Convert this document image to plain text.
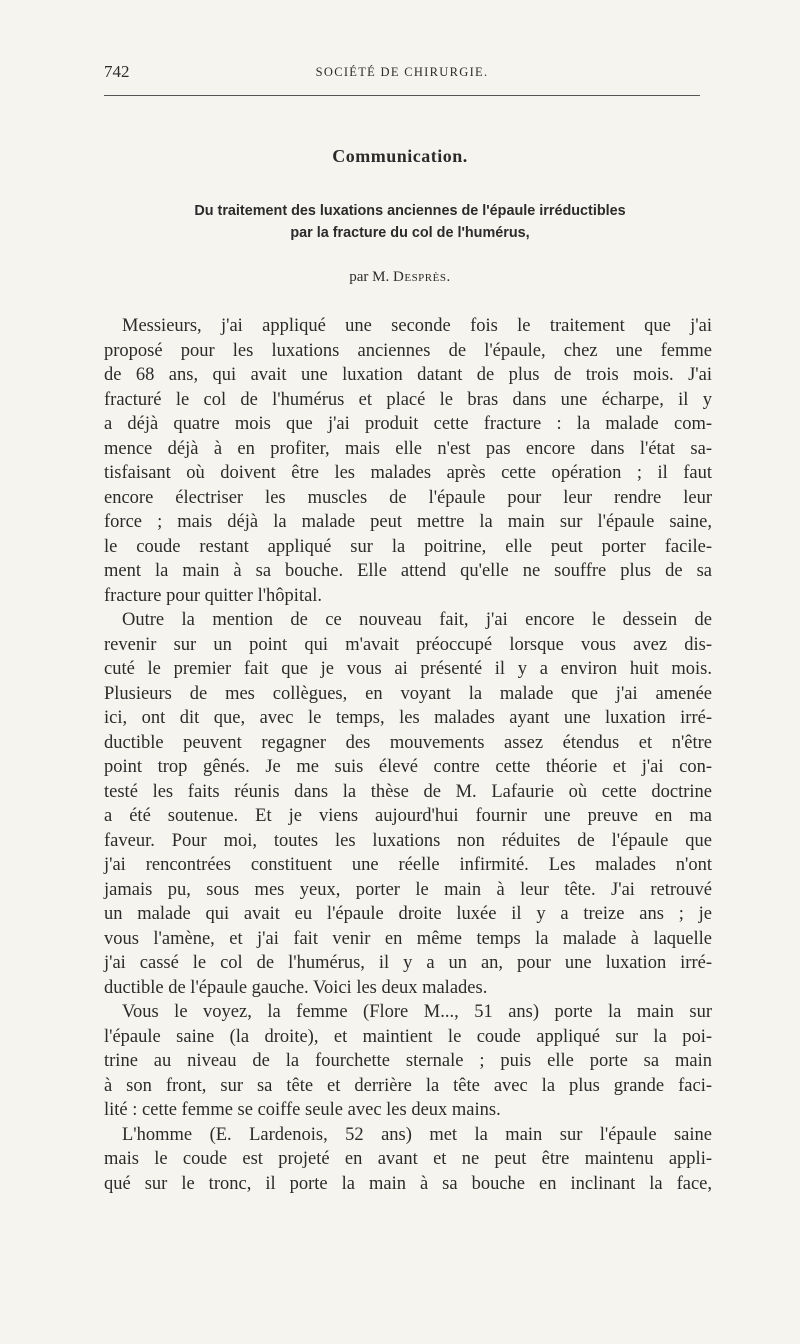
742	SOCIÉTÉ DE CHIRURGIE.
Communication.
Du traitement des luxations anciennes de l'épaule irréductibles
par la fracture du col de l'humérus,
par M. Desprès.
Messieurs, j'ai appliqué une seconde fois le traitement que j'ai
proposé pour les luxations anciennes de l'épaule, chez une femme
de 68 ans, qui avait une luxation datant de plus de trois mois. J'ai
fracturé le col de l'humérus et placé le bras dans une écharpe, il y
a déjà quatre mois que j'ai produit cette fracture : la malade com-
mence déjà à en profiter, mais elle n'est pas encore dans l'état sa-
tisfaisant où doivent être les malades après cette opération ; il faut
encore électriser les muscles de l'épaule pour leur rendre leur
force ; mais déjà la malade peut mettre la main sur l'épaule saine,
le coude restant appliqué sur la poitrine, elle peut porter facile-
ment la main à sa bouche. Elle attend qu'elle ne souffre plus de sa
fracture pour quitter l'hôpital.
Outre la mention de ce nouveau fait, j'ai encore le dessein de
revenir sur un point qui m'avait préoccupé lorsque vous avez dis-
cuté le premier fait que je vous ai présenté il y a environ huit mois.
Plusieurs de mes collègues, en voyant la malade que j'ai amenée
ici, ont dit que, avec le temps, les malades ayant une luxation irré-
ductible peuvent regagner des mouvements assez étendus et n'être
point trop gênés. Je me suis élevé contre cette théorie et j'ai con-
testé les faits réunis dans la thèse de M. Lafaurie où cette doctrine
a été soutenue. Et je viens aujourd'hui fournir une preuve en ma
faveur. Pour moi, toutes les luxations non réduites de l'épaule que
j'ai rencontrées constituent une réelle infirmité. Les malades n'ont
jamais pu, sous mes yeux, porter le main à leur tête. J'ai retrouvé
un malade qui avait eu l'épaule droite luxée il y a treize ans ; je
vous l'amène, et j'ai fait venir en même temps la malade à laquelle
j'ai cassé le col de l'humérus, il y a un an, pour une luxation irré-
ductible de l'épaule gauche. Voici les deux malades.
Vous le voyez, la femme (Flore M..., 51 ans) porte la main sur
l'épaule saine (la droite), et maintient le coude appliqué sur la poi-
trine au niveau de la fourchette sternale ; puis elle porte sa main
à son front, sur sa tête et derrière la tête avec la plus grande faci-
lité : cette femme se coiffe seule avec les deux mains.
L'homme (E. Lardenois, 52 ans) met la main sur l'épaule saine
mais le coude est projeté en avant et ne peut être maintenu appli-
qué sur le tronc, il porte la main à sa bouche en inclinant la face,
